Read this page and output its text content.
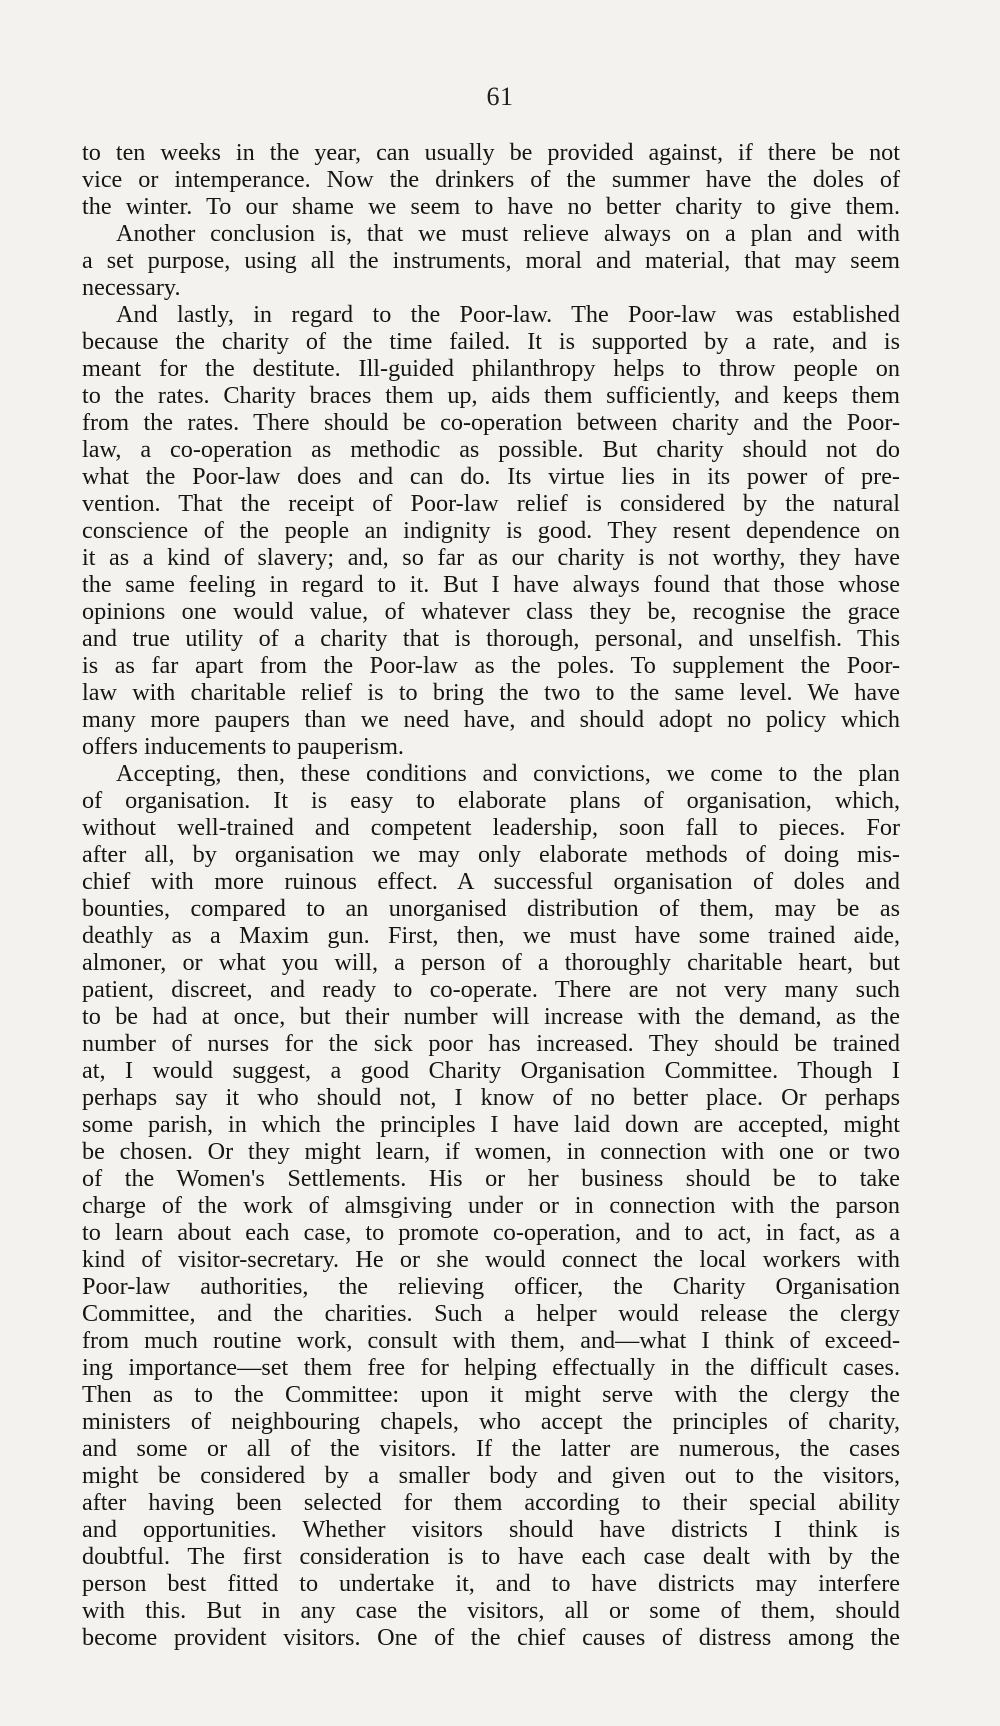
61
to ten weeks in the year, can usually be provided against, if there be not
vice or intemperance. Now the drinkers of the summer have the doles of
the winter. To our shame we seem to have no better charity to give them.
Another conclusion is, that we must relieve always on a plan and with
a set purpose, using all the instruments, moral and material, that may seem
necessary.
And lastly, in regard to the Poor-law. The Poor-law was established
because the charity of the time failed. It is supported by a rate, and is
meant for the destitute. Ill-guided philanthropy helps to throw people on
to the rates. Charity braces them up, aids them sufficiently, and keeps them
from the rates. There should be co-operation between charity and the Poor-
law, a co-operation as methodic as possible. But charity should not do
what the Poor-law does and can do. Its virtue lies in its power of pre-
vention. That the receipt of Poor-law relief is considered by the natural
conscience of the people an indignity is good. They resent dependence on
it as a kind of slavery; and, so far as our charity is not worthy, they have
the same feeling in regard to it. But I have always found that those whose
opinions one would value, of whatever class they be, recognise the grace
and true utility of a charity that is thorough, personal, and unselfish. This
is as far apart from the Poor-law as the poles. To supplement the Poor-
law with charitable relief is to bring the two to the same level. We have
many more paupers than we need have, and should adopt no policy which
offers inducements to pauperism.
Accepting, then, these conditions and convictions, we come to the plan
of organisation. It is easy to elaborate plans of organisation, which,
without well-trained and competent leadership, soon fall to pieces. For
after all, by organisation we may only elaborate methods of doing mis-
chief with more ruinous effect. A successful organisation of doles and
bounties, compared to an unorganised distribution of them, may be as
deathly as a Maxim gun. First, then, we must have some trained aide,
almoner, or what you will, a person of a thoroughly charitable heart, but
patient, discreet, and ready to co-operate. There are not very many such
to be had at once, but their number will increase with the demand, as the
number of nurses for the sick poor has increased. They should be trained
at, I would suggest, a good Charity Organisation Committee. Though I
perhaps say it who should not, I know of no better place. Or perhaps
some parish, in which the principles I have laid down are accepted, might
be chosen. Or they might learn, if women, in connection with one or two
of the Women's Settlements. His or her business should be to take
charge of the work of almsgiving under or in connection with the parson
to learn about each case, to promote co-operation, and to act, in fact, as a
kind of visitor-secretary. He or she would connect the local workers with
Poor-law authorities, the relieving officer, the Charity Organisation
Committee, and the charities. Such a helper would release the clergy
from much routine work, consult with them, and—what I think of exceed-
ing importance—set them free for helping effectually in the difficult cases.
Then as to the Committee: upon it might serve with the clergy the
ministers of neighbouring chapels, who accept the principles of charity,
and some or all of the visitors. If the latter are numerous, the cases
might be considered by a smaller body and given out to the visitors,
after having been selected for them according to their special ability
and opportunities. Whether visitors should have districts I think is
doubtful. The first consideration is to have each case dealt with by the
person best fitted to undertake it, and to have districts may interfere
with this. But in any case the visitors, all or some of them, should
become provident visitors. One of the chief causes of distress among the
